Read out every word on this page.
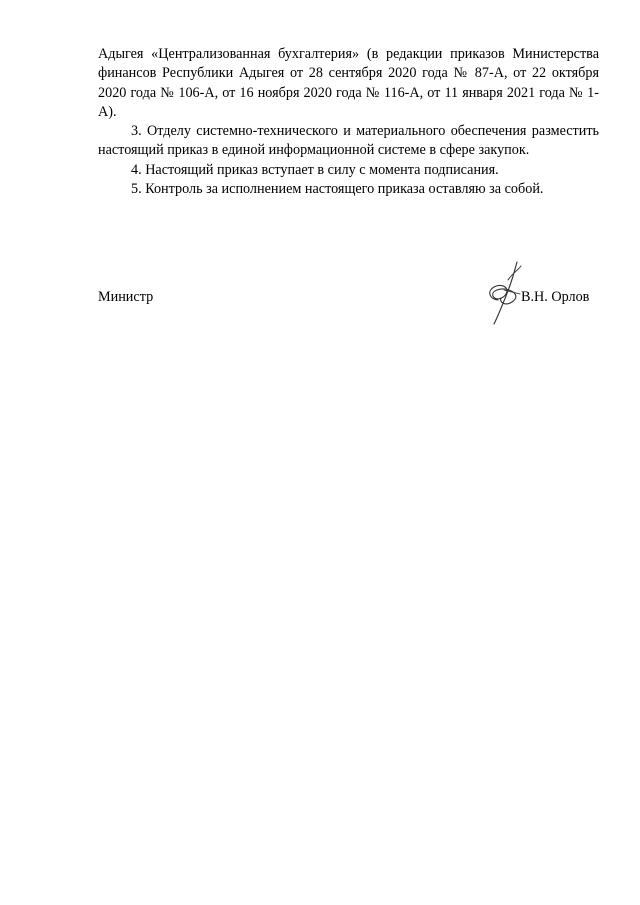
Адыгея «Централизованная бухгалтерия» (в редакции приказов Министерства финансов Республики Адыгея от 28 сентября 2020 года № 87-А, от 22 октября 2020 года № 106-А, от 16 ноября 2020 года № 116-А, от 11 января 2021 года № 1-А).

3. Отделу системно-технического и материального обеспечения разместить настоящий приказ в единой информационной системе в сфере закупок.

4. Настоящий приказ вступает в силу с момента подписания.

5. Контроль за исполнением настоящего приказа оставляю за собой.

Министр	В.Н. Орлов
